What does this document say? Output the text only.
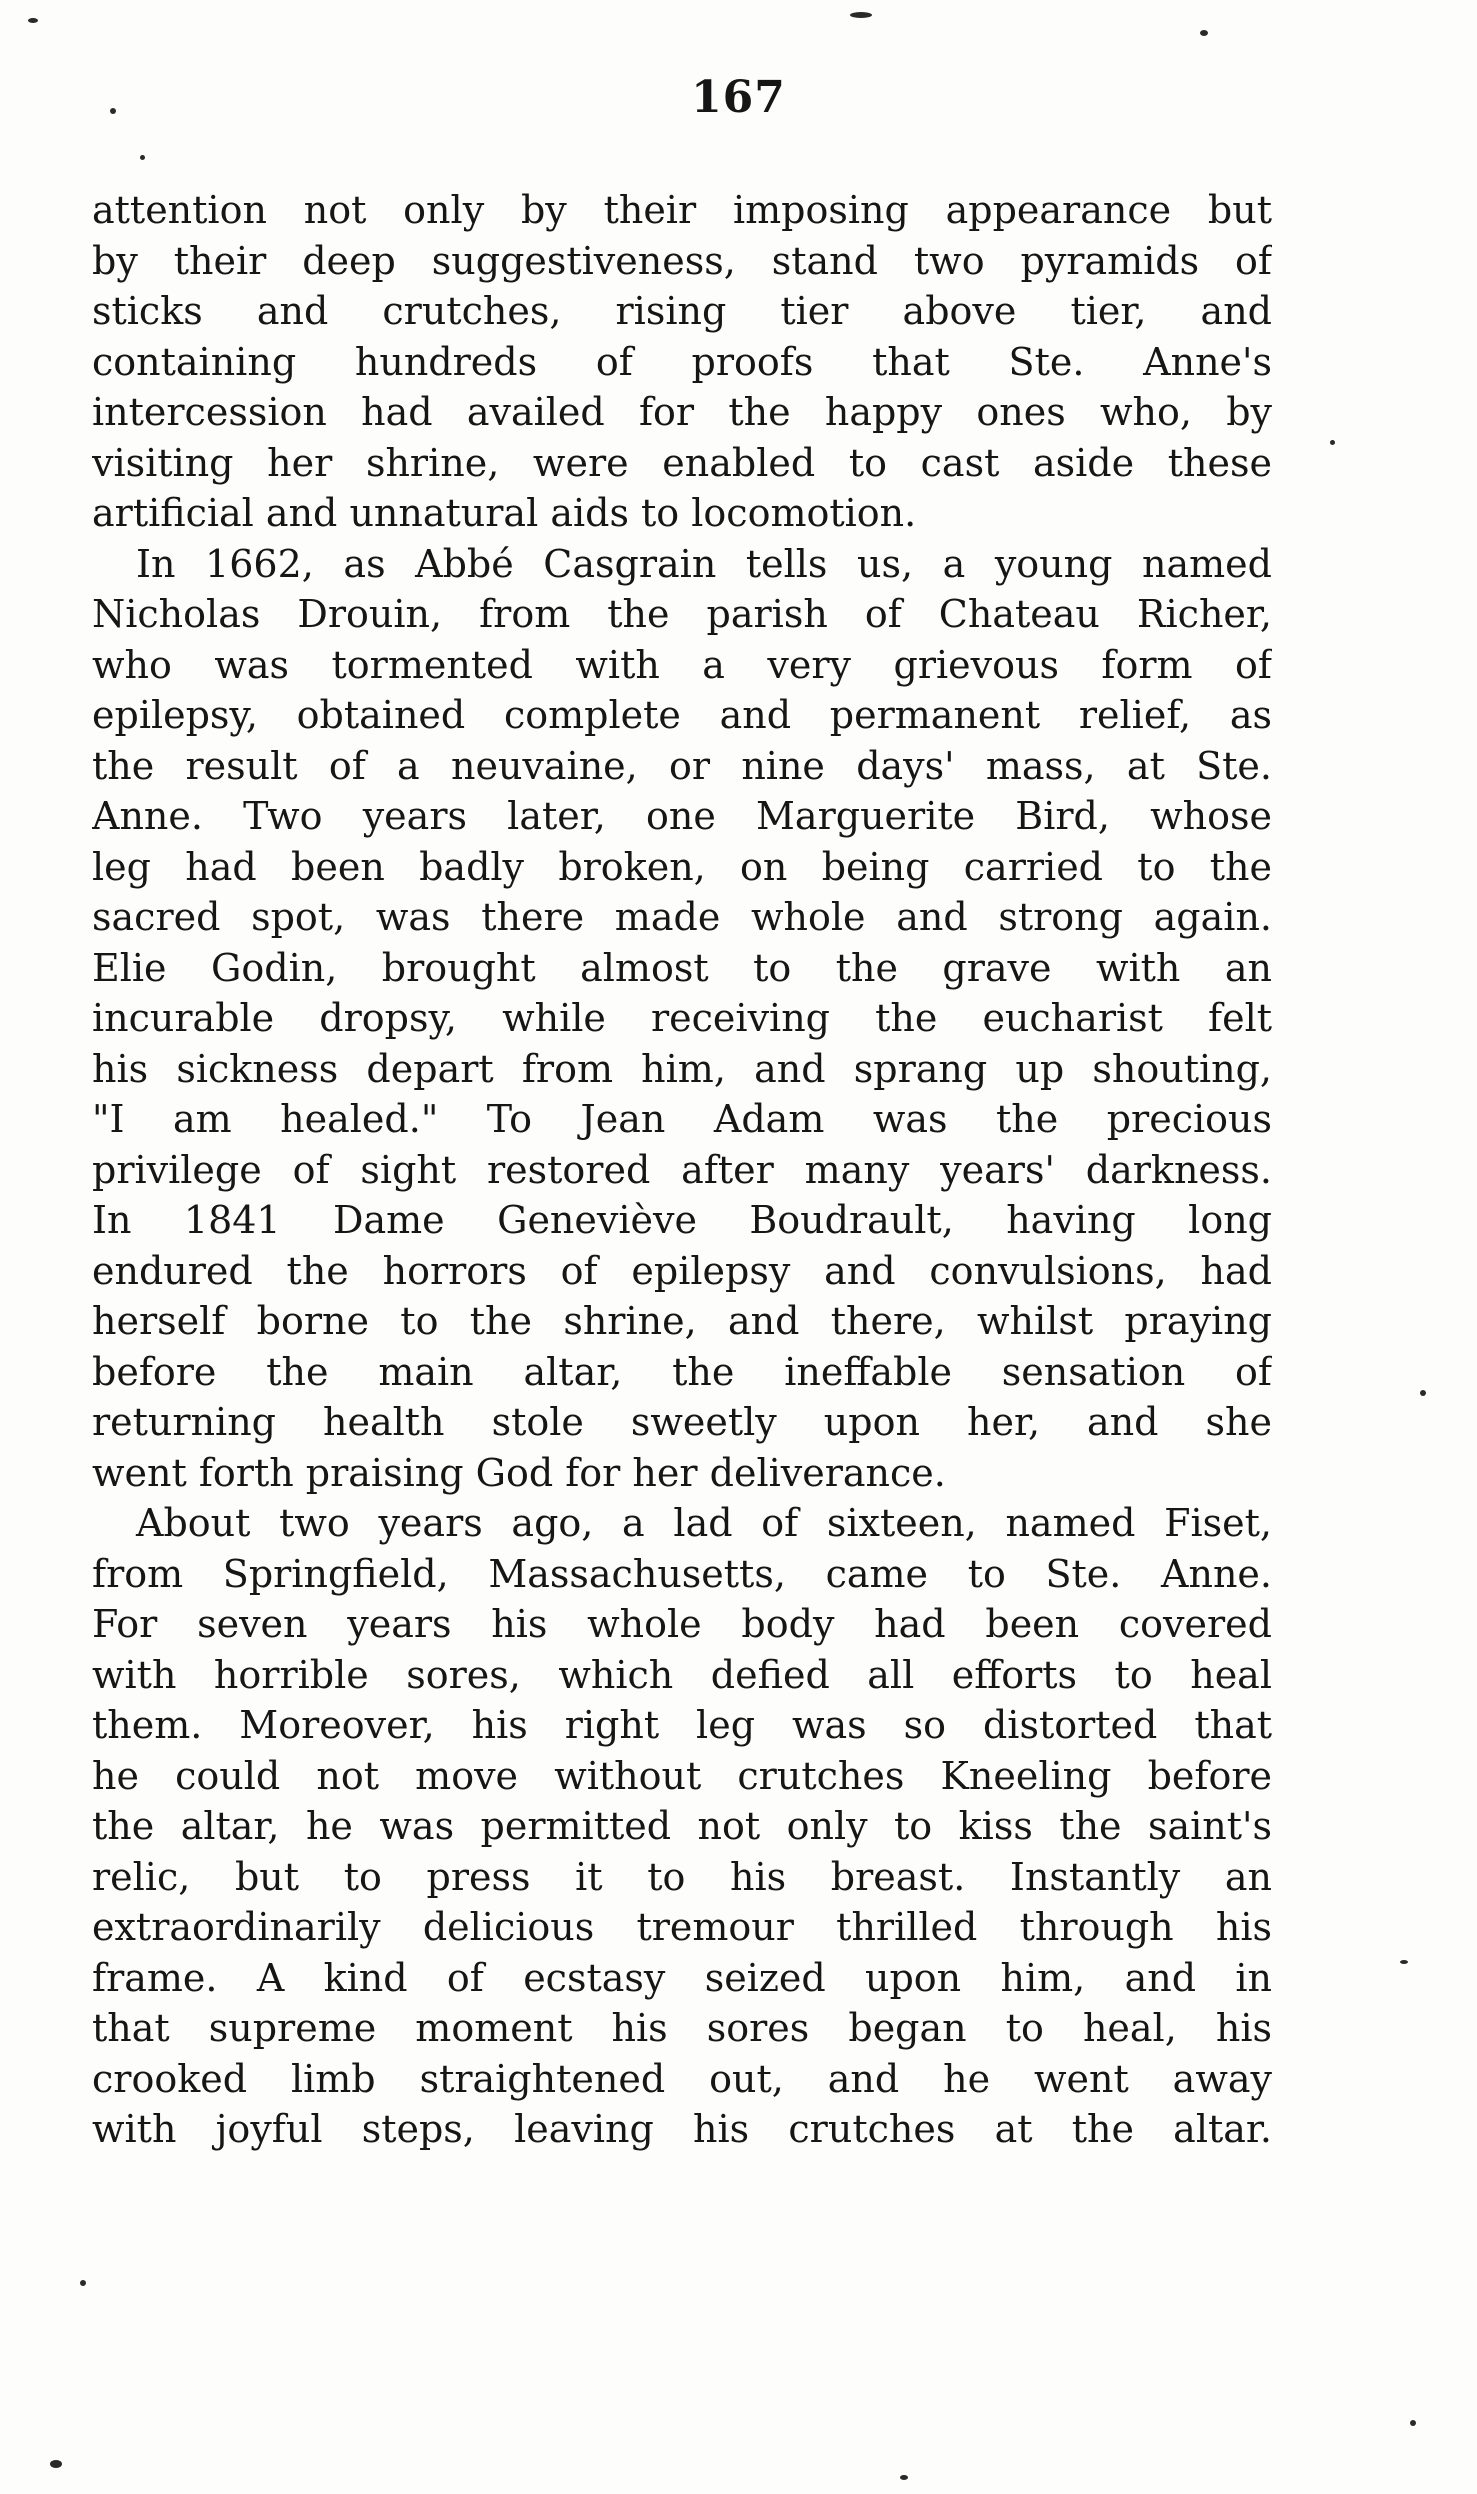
167
attention not only by their imposing appearance but
by their deep suggestiveness, stand two pyramids of
sticks and crutches, rising tier above tier, and
containing hundreds of proofs that Ste. Anne's
intercession had availed for the happy ones who, by
visiting her shrine, were enabled to cast aside these
artificial and unnatural aids to locomotion.
In 1662, as Abbé Casgrain tells us, a young named
Nicholas Drouin, from the parish of Chateau Richer,
who was tormented with a very grievous form of
epilepsy, obtained complete and permanent relief, as
the result of a neuvaine, or nine days' mass, at Ste.
Anne. Two years later, one Marguerite Bird, whose
leg had been badly broken, on being carried to the
sacred spot, was there made whole and strong again.
Elie Godin, brought almost to the grave with an
incurable dropsy, while receiving the eucharist felt
his sickness depart from him, and sprang up shouting,
"I am healed." To Jean Adam was the precious
privilege of sight restored after many years' darkness.
In 1841 Dame Geneviève Boudrault, having long
endured the horrors of epilepsy and convulsions, had
herself borne to the shrine, and there, whilst praying
before the main altar, the ineffable sensation of
returning health stole sweetly upon her, and she
went forth praising God for her deliverance.
About two years ago, a lad of sixteen, named Fiset,
from Springfield, Massachusetts, came to Ste. Anne.
For seven years his whole body had been covered
with horrible sores, which defied all efforts to heal
them. Moreover, his right leg was so distorted that
he could not move without crutches Kneeling before
the altar, he was permitted not only to kiss the saint's
relic, but to press it to his breast. Instantly an
extraordinarily delicious tremour thrilled through his
frame. A kind of ecstasy seized upon him, and in
that supreme moment his sores began to heal, his
crooked limb straightened out, and he went away
with joyful steps, leaving his crutches at the altar.
